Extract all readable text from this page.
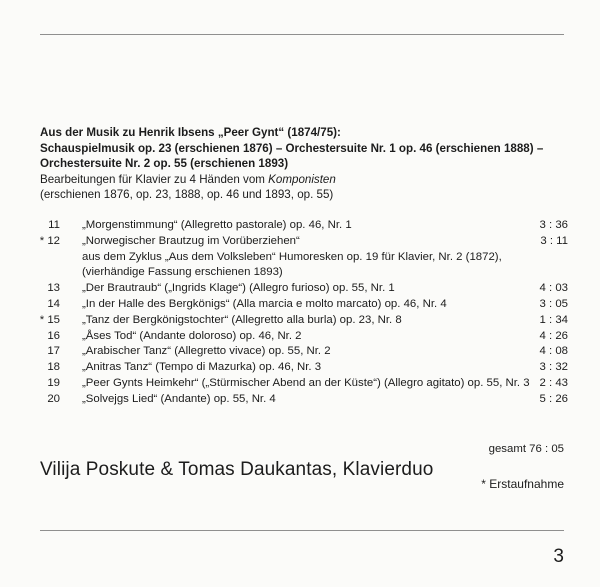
Aus der Musik zu Henrik Ibsens „Peer Gynt“ (1874/75):
Schauspielmusik op. 23 (erschienen 1876) – Orchestersuite Nr. 1 op. 46 (erschienen 1888) –
Orchestersuite Nr. 2 op. 55 (erschienen 1893)
Bearbeitungen für Klavier zu 4 Händen vom Komponisten
(erschienen 1876, op. 23, 1888, op. 46 und 1893, op. 55)
11 „Morgenstimmung“ (Allegretto pastorale) op. 46, Nr. 1	3 : 36
* 12 „Norwegischer Brautzug im Vorüberziehen“	3 : 11
aus dem Zyklus „Aus dem Volksleben“ Humoresken op. 19 für Klavier, Nr. 2 (1872),
(vierhändige Fassung erschienen 1893)
13 „Der Brautraub“ („Ingrids Klage“) (Allegro furioso) op. 55, Nr. 1	4 : 03
14 „In der Halle des Bergkönigs“ (Alla marcia e molto marcato) op. 46, Nr. 4	3 : 05
* 15 „Tanz der Bergkönigstochter“ (Allegretto alla burla) op. 23, Nr. 8	1 : 34
16 „Åses Tod“ (Andante doloroso) op. 46, Nr. 2	4 : 26
17 „Arabischer Tanz“ (Allegretto vivace) op. 55, Nr. 2	4 : 08
18 „Anitras Tanz“ (Tempo di Mazurka) op. 46, Nr. 3	3 : 32
19 „Peer Gynts Heimkehr“ („Stürmischer Abend an der Küste“) (Allegro agitato) op. 55, Nr. 3 2 : 43
20 „Solvejgs Lied“ (Andante) op. 55, Nr. 4	5 : 26
gesamt 76 : 05
Vilija Poskute & Tomas Daukantas, Klavierduo
* Erstaufnahme
3
